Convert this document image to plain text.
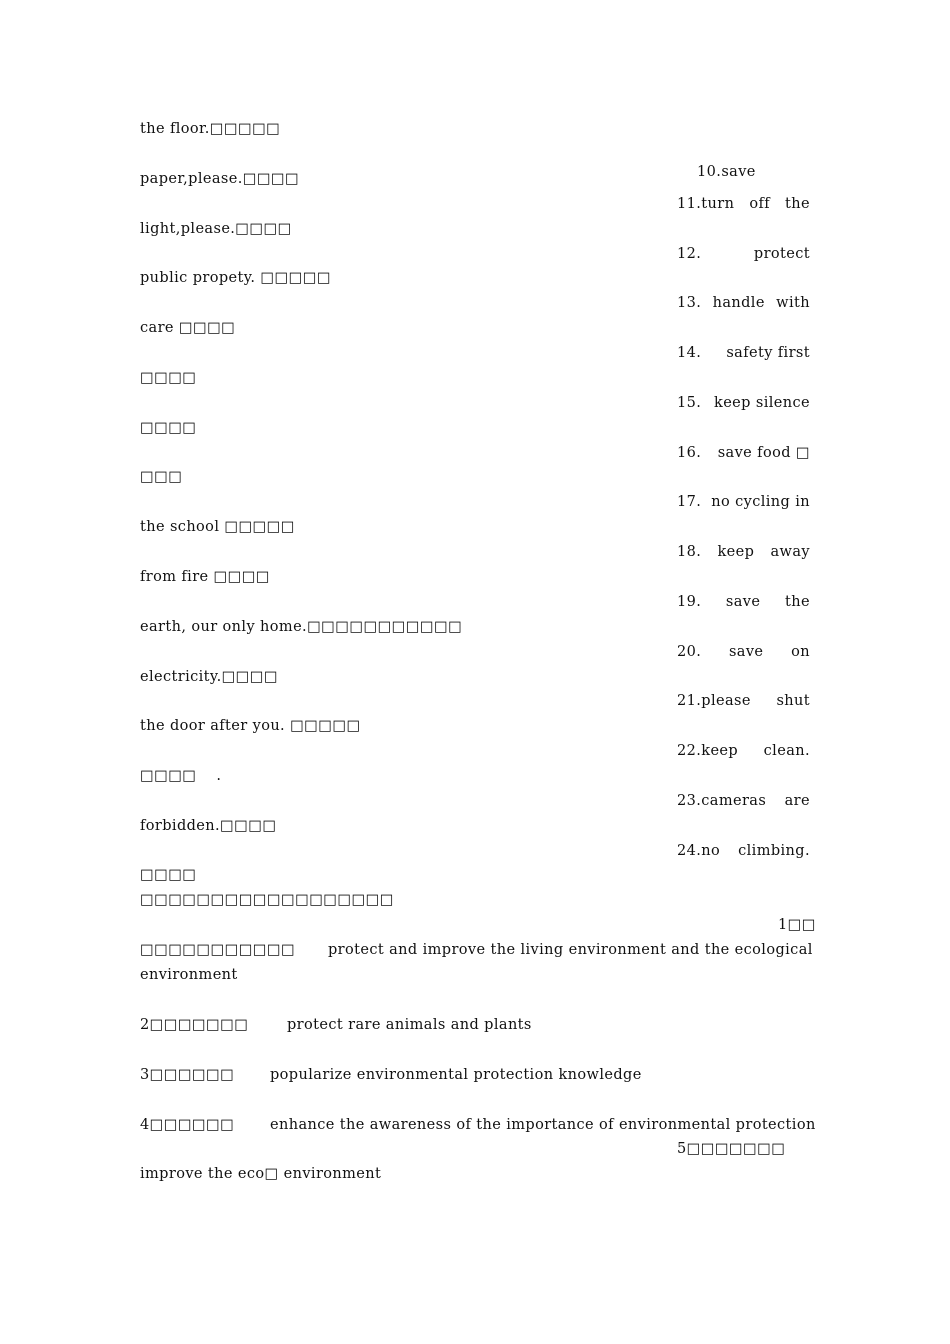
the floor.□□□□□
paper,please.□□□□
light,please.□□□□
public propety. □□□□□
care □□□□
□□□□
□□□□
□□□
the school □□□□□
from fire □□□□
earth, our only home.□□□□□□□□□□□
electricity.□□□□
the door after you. □□□□□
□□□□    .
forbidden.□□□□
□□□□

10.save

11.turn off the
12.	protect
13. handle with
14. safety first
15. keep silence
16. save food □
17. no cycling in
18. keep away
19. save the
20. save on
21.please shut
22.keep clean.
23.cameras are
24.no climbing.
□□□□□□□□□□□□□□□□□□
1□□
□□□□□□□□□□□ protect and improve the living environment and the ecological
environment
2□□□□□□□	protect rare animals and plants
3□□□□□□ popularize environmental protection knowledge
4□□□□□□ enhance the awareness of the importance of environmental protection
5□□□□□□□
improve the eco□ environment
